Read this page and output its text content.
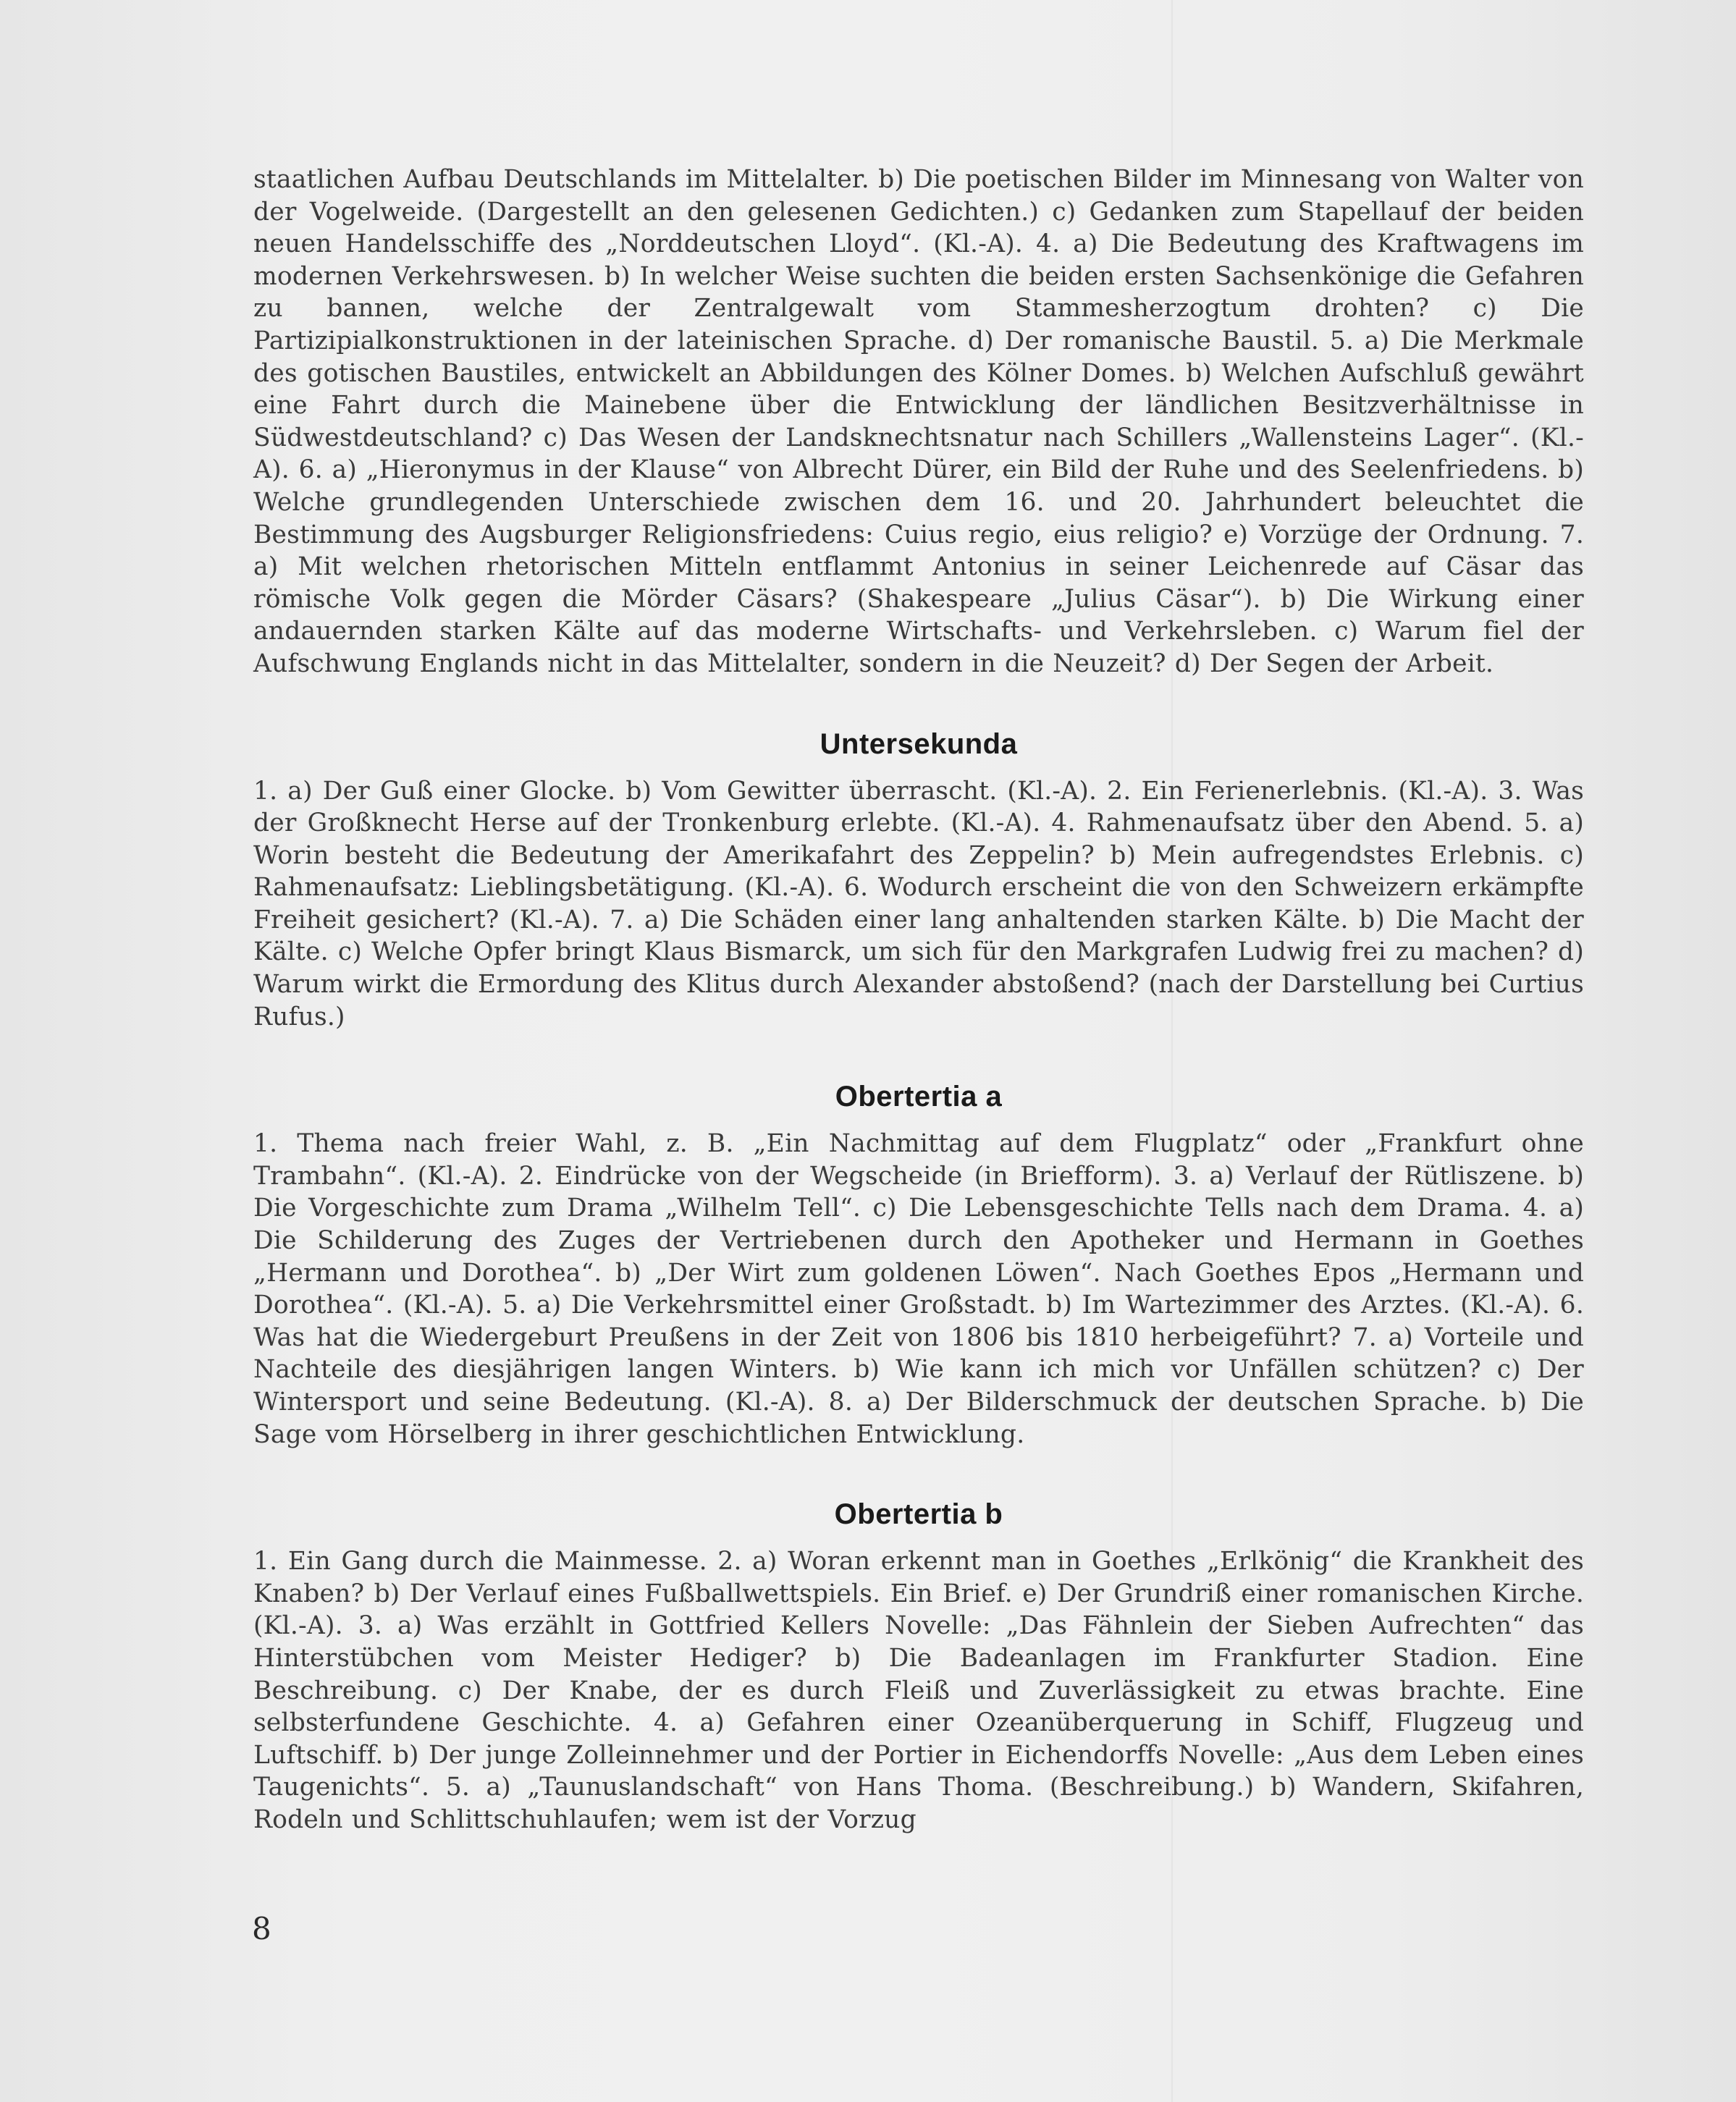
staatlichen Aufbau Deutschlands im Mittelalter. b) Die poetischen Bilder im Minnesang von Walter von der Vogelweide. (Dargestellt an den gelesenen Gedichten.) c) Gedanken zum Stapellauf der beiden neuen Handelsschiffe des „Norddeutschen Lloyd“. (Kl.-A). 4. a) Die Bedeutung des Kraftwagens im modernen Verkehrswesen. b) In welcher Weise suchten die beiden ersten Sachsenkönige die Gefahren zu bannen, welche der Zentralgewalt vom Stammesherzogtum drohten? c) Die Partizipialkonstruktionen in der lateinischen Sprache. d) Der romanische Baustil. 5. a) Die Merkmale des gotischen Baustiles, entwickelt an Abbildungen des Kölner Domes. b) Welchen Aufschluß gewährt eine Fahrt durch die Mainebene über die Entwicklung der ländlichen Besitzverhältnisse in Südwestdeutschland? c) Das Wesen der Landsknechtsnatur nach Schillers „Wallensteins Lager“. (Kl.-A). 6. a) „Hieronymus in der Klause“ von Albrecht Dürer, ein Bild der Ruhe und des Seelenfriedens. b) Welche grundlegenden Unterschiede zwischen dem 16. und 20. Jahrhundert beleuchtet die Bestimmung des Augsburger Religionsfriedens: Cuius regio, eius religio? e) Vorzüge der Ordnung. 7. a) Mit welchen rhetorischen Mitteln entflammt Antonius in seiner Leichenrede auf Cäsar das römische Volk gegen die Mörder Cäsars? (Shakespeare „Julius Cäsar“). b) Die Wirkung einer andauernden starken Kälte auf das moderne Wirtschafts- und Verkehrsleben. c) Warum fiel der Aufschwung Englands nicht in das Mittelalter, sondern in die Neuzeit? d) Der Segen der Arbeit.

Untersekunda

1. a) Der Guß einer Glocke. b) Vom Gewitter überrascht. (Kl.-A). 2. Ein Ferienerlebnis. (Kl.-A). 3. Was der Großknecht Herse auf der Tronkenburg erlebte. (Kl.-A). 4. Rahmenaufsatz über den Abend. 5. a) Worin besteht die Bedeutung der Amerikafahrt des Zeppelin? b) Mein aufregendstes Erlebnis. c) Rahmenaufsatz: Lieblingsbetätigung. (Kl.-A). 6. Wodurch erscheint die von den Schweizern erkämpfte Freiheit gesichert? (Kl.-A). 7. a) Die Schäden einer lang anhaltenden starken Kälte. b) Die Macht der Kälte. c) Welche Opfer bringt Klaus Bismarck, um sich für den Markgrafen Ludwig frei zu machen? d) Warum wirkt die Ermordung des Klitus durch Alexander abstoßend? (nach der Darstellung bei Curtius Rufus.)

Obertertia a

1. Thema nach freier Wahl, z. B. „Ein Nachmittag auf dem Flugplatz“ oder „Frankfurt ohne Trambahn“. (Kl.-A). 2. Eindrücke von der Wegscheide (in Briefform). 3. a) Verlauf der Rütliszene. b) Die Vorgeschichte zum Drama „Wilhelm Tell“. c) Die Lebensgeschichte Tells nach dem Drama. 4. a) Die Schilderung des Zuges der Vertriebenen durch den Apotheker und Hermann in Goethes „Hermann und Dorothea“. b) „Der Wirt zum goldenen Löwen“. Nach Goethes Epos „Hermann und Dorothea“. (Kl.-A). 5. a) Die Verkehrsmittel einer Großstadt. b) Im Wartezimmer des Arztes. (Kl.-A). 6. Was hat die Wiedergeburt Preußens in der Zeit von 1806 bis 1810 herbeigeführt? 7. a) Vorteile und Nachteile des diesjährigen langen Winters. b) Wie kann ich mich vor Unfällen schützen? c) Der Wintersport und seine Bedeutung. (Kl.-A). 8. a) Der Bilderschmuck der deutschen Sprache. b) Die Sage vom Hörselberg in ihrer geschichtlichen Entwicklung.

Obertertia b

1. Ein Gang durch die Mainmesse. 2. a) Woran erkennt man in Goethes „Erlkönig“ die Krankheit des Knaben? b) Der Verlauf eines Fußballwettspiels. Ein Brief. e) Der Grundriß einer romanischen Kirche. (Kl.-A). 3. a) Was erzählt in Gottfried Kellers Novelle: „Das Fähnlein der Sieben Aufrechten“ das Hinterstübchen vom Meister Hediger? b) Die Badeanlagen im Frankfurter Stadion. Eine Beschreibung. c) Der Knabe, der es durch Fleiß und Zuverlässigkeit zu etwas brachte. Eine selbsterfundene Geschichte. 4. a) Gefahren einer Ozeanüberquerung in Schiff, Flugzeug und Luftschiff. b) Der junge Zolleinnehmer und der Portier in Eichendorffs Novelle: „Aus dem Leben eines Taugenichts“. 5. a) „Taunuslandschaft“ von Hans Thoma. (Beschreibung.) b) Wandern, Skifahren, Rodeln und Schlittschuhlaufen; wem ist der Vorzug

8
